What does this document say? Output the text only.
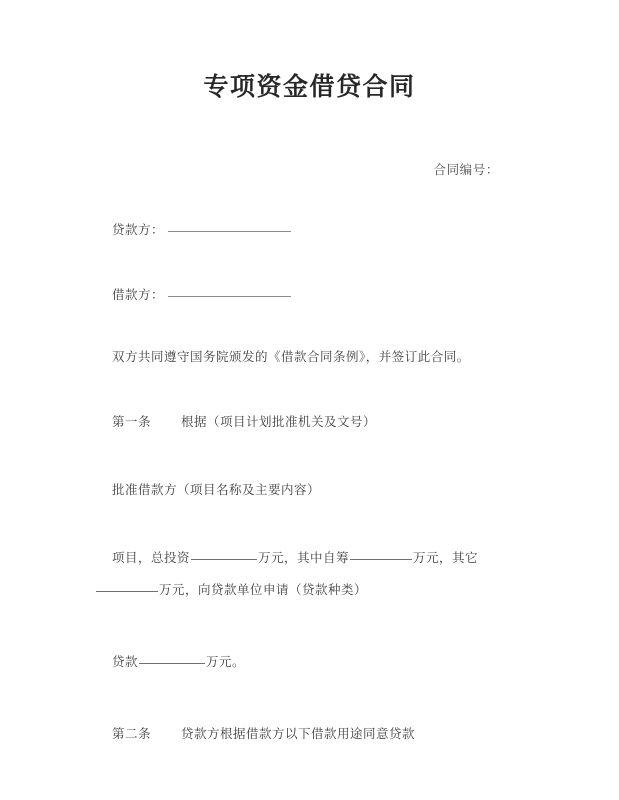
专项资金借贷合同
合同编号：
贷款方：
借款方：

双方共同遵守国务院颁发的《借款合同条例》，并签订此合同。

第一条 根据（项目计划批准机关及文号）

批准借款方（项目名称及主要内容）

项目，总投资	万元，其中自筹	万元，其它万元，向贷款单位申请（贷款种类）

贷款	万元。

第二条 贷款方根据借款方以下借款用途同意贷款
